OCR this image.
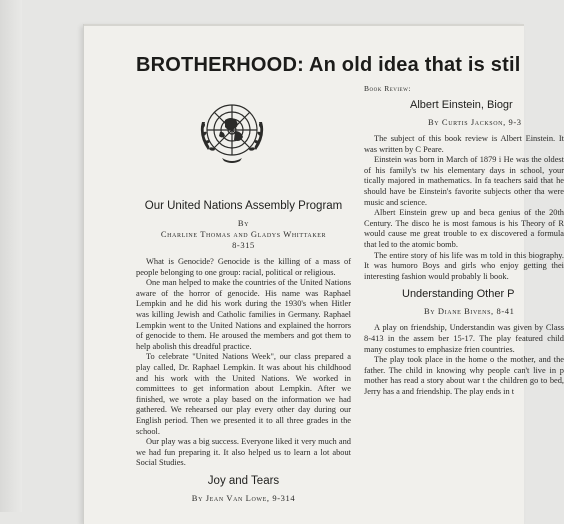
BROTHERHOOD: An old idea that is stil
Our United Nations Assembly Program
By
Charline Thomas and Gladys Whittaker
8-315

What is Genocide? Genocide is the killing of a mass of people belonging to one group: racial, political or religious.

One man helped to make the countries of the United Nations aware of the horror of genocide. His name was Raphael Lempkin and he did his work during the 1930's when Hitler was killing Jewish and Catholic families in Germany. Raphael Lempkin went to the United Nations and explained the horrors of genocide to them. He aroused the members and got them to help abolish this dreadful practice.

To celebrate "United Nations Week", our class prepared a play called, Dr. Raphael Lempkin. It was about his childhood and his work with the United Nations. We worked in committees to get information about Lempkin. After we finished, we wrote a play based on the information we had gathered. We rehearsed our play every other day during our English period. Then we presented it to all three grades in the school.

Our play was a big success. Everyone liked it very much and we had fun preparing it. It also helped us to learn a lot about Social Studies.

Joy and Tears
By Jean Van Lowe, 9-314
Book Review:
Albert Einstein, Biogr
By Curtis Jackson, 9-3

The subject of this book review is Albert Einstein. It was written by C Peare.

Einstein was born in March of 1879 i He was the oldest of his family's tw his elementary days in school, your tically majored in mathematics. In fa teachers said that he should have be Einstein's favorite subjects other tha were music and science.

Albert Einstein grew up and beca genius of the 20th Century. The disco he is most famous is his Theory of R would cause me great trouble to ex discovered a formula that led to the atomic bomb.

The entire story of his life was m told in this biography. It was humoro Boys and girls who enjoy getting thei interesting fashion would probably li book.

Understanding Other P
By Diane Bivens, 8-41

A play on friendship, Understandin was given by Class 8-413 in the assem ber 15-17. The play featured child many costumes to emphasize frien countries.

The play took place in the home o the mother, and the father. The child in knowing why people can't live in p mother has read a story about war t the children go to bed, Jerry has a and friendship. The play ends in t
